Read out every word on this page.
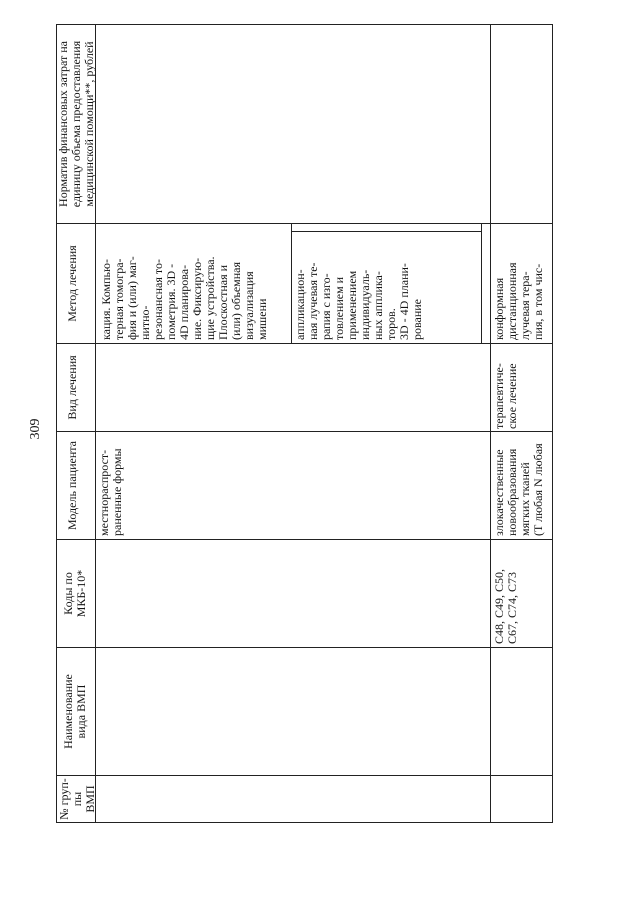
309
№ груп-
пы
ВМП
Наименование
вида ВМП
Коды по
МКБ-10*
Модель пациента
Вид лечения
Метод лечения
Норматив финансовых затрат на
единицу объема предоставления
медицинской помощи**, рублей
местнораспрост-
раненные формы
кация. Компью-
терная томогра-
фия и (или) маг-
нитно-
резонансная то-
пометрия. 3D -
4D планирова-
ние. Фиксирую-
щие устройства.
Плоскостная и
(или) объемная
визуализация
мишени	аппликацион-
ная лучевая те-
рапия с изго-
товлением и
применением
индивидуаль-
ных апплика-
торов.
3D - 4D плани-
рование
C48, C49, C50,
C67, C74, C73
злокачественные
новообразования
мягких тканей
(T любая N любая
терапевтиче-
ское лечение
конформная
дистанционная
лучевая тера-
пия, в том чис-
